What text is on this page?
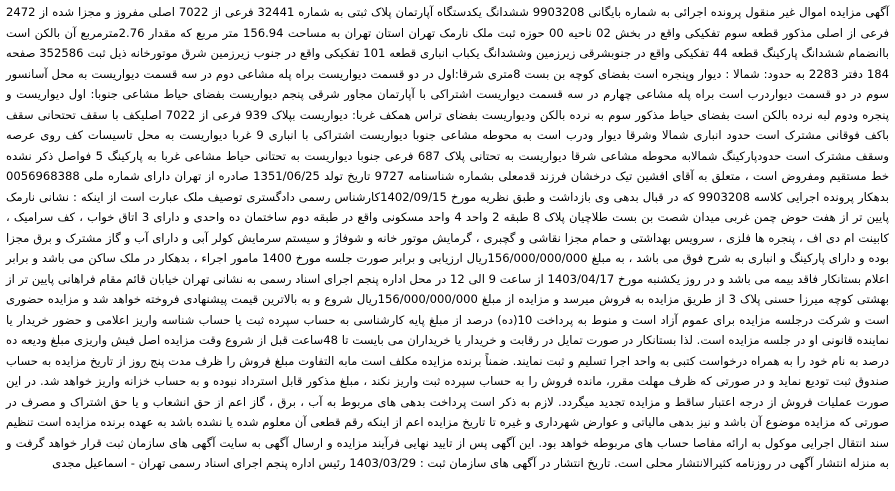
آگهی مزایده اموال غیر منقول پرونده اجرائی به شماره بایگانی 9903208 ششدانگ یکدستگاه آپارتمان پلاک ثبتی به شماره 32441 فرعی از 7022 اصلی مفروز و مجزا شده از 2472 فرعی از اصلی مذکور قطعه سوم تفکیکی واقع در بخش 02 ناحیه 00 حوزه ثبت ملک نارمک تهران استان تهران به مساحت 156.94 متر مربع که مقدار 2.76مترمربع آن بالکن است باانضمام ششدانگ پارکینگ قطعه 44 تفکیکی واقع در جنوبشرقی زیرزمین وششدانگ یکباب انباری قطعه 101 تفکیکی واقع در جنوب زیرزمین شرق موتورخانه ذیل ثبت 352586 صفحه 184 دفتر 2283 به حدود: شمالا : دیوار وپنجره است بفضای کوچه بن بست 8متری شرقا:اول در دو قسمت دیواریست براه پله مشاعی دوم در سه قسمت دیواریست به محل آسانسور سوم در دو قسمت دیواردرب است براه پله مشاعی چهارم در سه قسمت دیواریست اشتراکی با آپارتمان مجاور شرقی پنجم دیواریست بفضای حیاط مشاعی جنوبا: اول دیواریست و پنجره ودوم لبه نرده بالکن است بفضای حیاط مذکور سوم به نرده بالکن ودیواریست بفضای تراس همکف غربا: دیواریست بپلاک 939 فرعی از 7022 اصلیکف با سقف تحتحانی سقف باکف فوقانی مشترک است حدود انباری شمالا وشرقا دیوار ودرب است به محوطه مشاعی جنوبا دیواریست اشتراکی با انباری 9 غربا دیواریست به محل تاسیسات کف روی عرصه وسقف مشترک است حدودپارکینگ شمالابه محوطه مشاعی شرقا دیواریست به تحتانی پلاک 687 فرعی جنوبا دیواریست به تحتانی حیاط مشاعی غربا به پارکینگ 5 فواصل ذکر نشده خط مستقیم ومفروض است ، متعلق به آقای افشین تیک درخشان فرزند قدمعلی بشماره شناسنامه 9727 تاریخ تولد 1351/06/25 صادره از تهران دارای شماره ملی 0056968388 بدهکار پرونده اجرایی کلاسه 9903208 که در قبال بدهی وی بازداشت و طبق نظریه مورخ 1402/09/15کارشناس رسمی دادگستری توصیف ملک عبارت است از اینکه : نشانی نارمک پایین تر از هفت حوض چمن غربی میدان شصت بن بست طلاچیان پلاک 8 طبقه 2 واحد 4 واحد مسکونی واقع در طبقه دوم ساختمان ده واحدی و دارای 3 اتاق خواب ، کف سرامیک ، کابینت ام دی اف ، پنجره ها فلزی ، سرویس بهداشتی و حمام مجزا نقاشی و گچبری ، گرمایش موتور خانه و شوفاژ و سیستم سرمایش کولر آبی و دارای آب و گاز مشترک و برق مجزا بوده و دارای پارکینگ و انباری به شرح فوق می باشد ، به مبلغ 156/000/000/000ریال ارزیابی و برابر صورت جلسه مورخ 1400 مامور اجراء ، بدهکار در ملک ساکن می باشد و برابر اعلام بستانکار فاقد بیمه می باشد و در روز یکشنبه مورخ 1403/04/17 از ساعت 9 الی 12 در محل اداره پنجم اجرای اسناد رسمی به نشانی تهران خیابان قائم مقام فراهانی پایین تر از بهشتی کوچه میرزا حسنی پلاک 3 از طریق مزایده به فروش میرسد و مزایده از مبلغ 156/000/000/000ریال شروع و به بالاترین قیمت پیشنهادی فروخته خواهد شد و مزایده حضوری است و شرکت درجلسه مزایده برای عموم آزاد است و منوط به پرداخت 10(ده) درصد از مبلغ پایه کارشناسی به حساب سپرده ثبت یا حساب شناسه واریز اعلامی و حضور خریدار یا نماینده قانونی او در جلسه مزایده است. لذا بستانکار در صورت تمایل در رقابت و خریدار یا خریداران می بایست تا 48ساعت قبل از شروع وقت مزایده اصل فیش واریزی مبلغ ودیعه ده درصد به نام خود را به همراه درخواست کتبی به واحد اجرا تسلیم و ثبت نمایند. ضمناً برنده مزایده مکلف است مابه التفاوت مبلغ فروش را ظرف مدت پنج روز از تاریخ مزایده به حساب صندوق ثبت تودیع نماید و در صورتی که ظرف مهلت مقرر، مانده فروش را به حساب سپرده ثبت واریز نکند ، مبلغ مذکور قابل استرداد نبوده و به حساب خزانه واریز خواهد شد. در این صورت عملیات فروش از درجه اعتبار ساقط و مزایده تجدید میگردد. لازم به ذکر است پرداخت بدهی های مربوط به آب ، برق ، گاز اعم از حق انشعاب و یا حق اشتراک و مصرف در صورتی که مزایده موضوع آن باشد و نیز بدهی مالیاتی و عوارض شهرداری و غیره تا تاریخ مزایده اعم از اینکه رقم قطعی آن معلوم شده یا نشده باشد به عهده برنده مزایده است تنظیم سند انتقال اجرایی موکول به ارائه مفاصا حساب های مربوطه خواهد بود. این آگهی پس از تایید نهایی فرآیند مزایده و ارسال آگهی به سایت آگهی های سازمان ثبت قرار خواهد گرفت و به منزله انتشار آگهی در روزنامه کثیرالانتشار محلی است. تاریخ انتشار در آگهی های سازمان ثبت : 1403/03/29 رئیس اداره پنجم اجرای اسناد رسمی تهران - اسماعیل مجدی
